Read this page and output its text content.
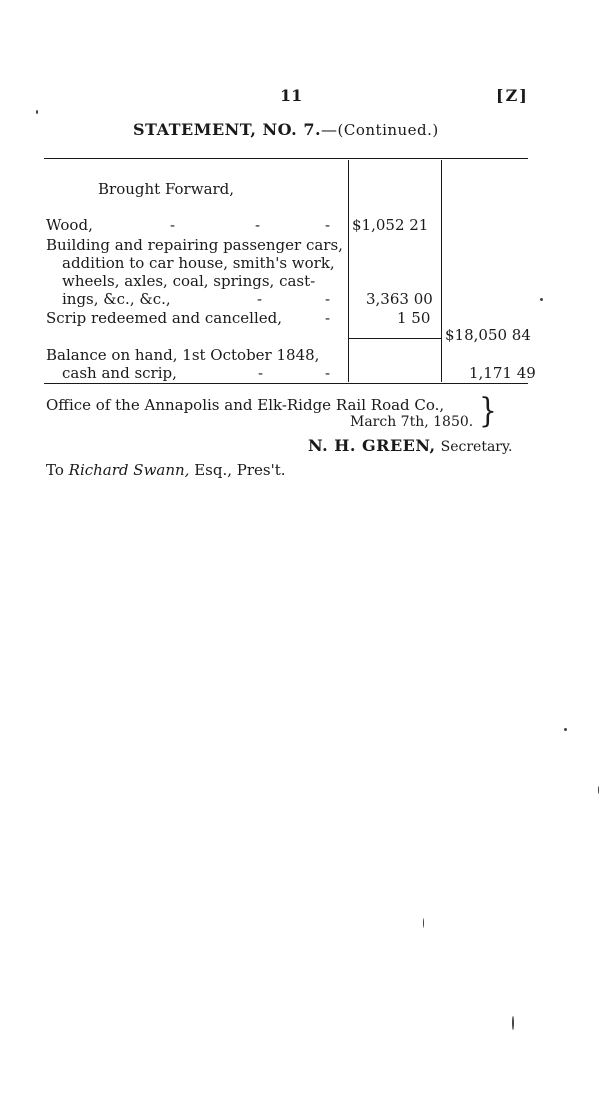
11	[Z]
STATEMENT, NO. 7.—(Continued.)
Brought Forward,
Wood,	-	-	- $1,052 21
Building and repairing passenger cars,
addition to car house, smith's work,
wheels, axles, coal, springs, cast-
ings, &c., &c.,	-	- 3,363 00
Scrip redeemed and cancelled,	-	1 50
$18,050 84
Balance on hand, 1st October 1848,
cash and scrip,	-	-	1,171 49
Office of the Annapolis and Elk-Ridge Rail Road Co., }
March 7th, 1850.
N. H. GREEN, Secretary.
To Richard Swann, Esq., Pres't.
